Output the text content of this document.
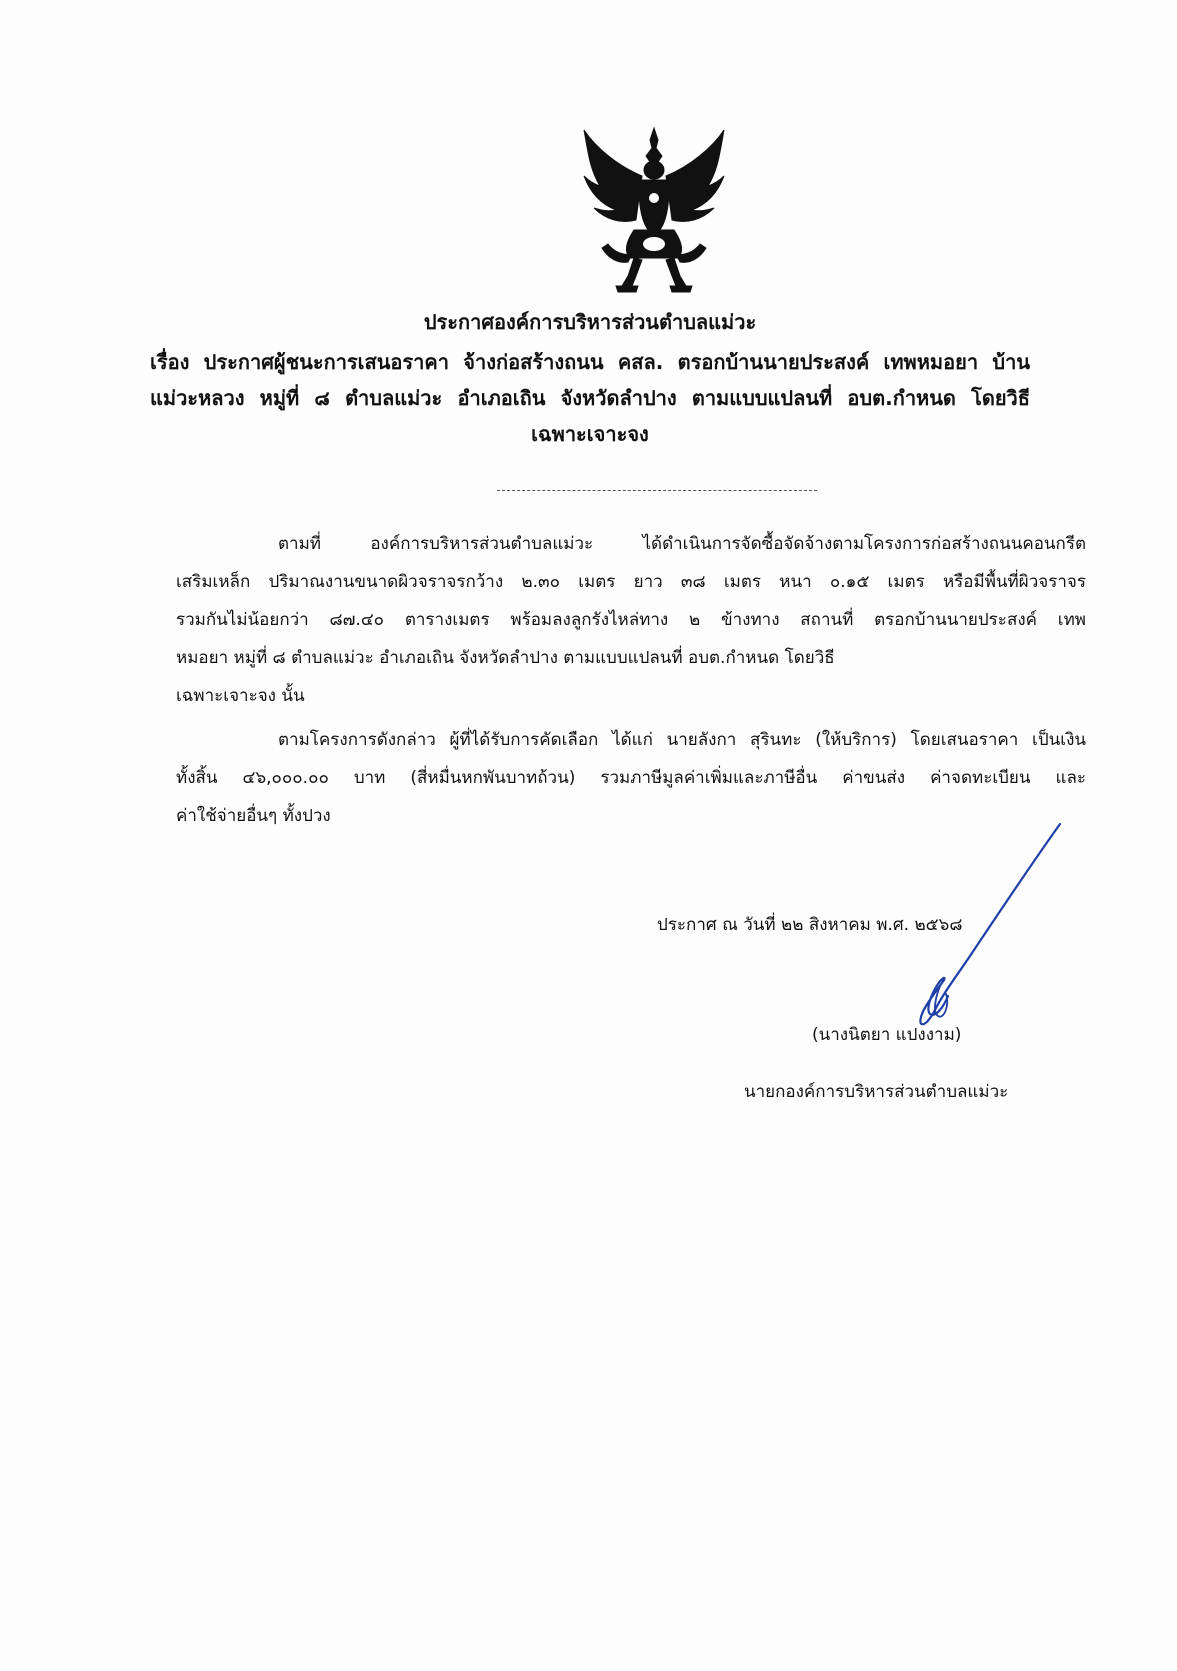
ประกาศองค์การบริหารส่วนตำบลแม่วะ
เรื่อง ประกาศผู้ชนะการเสนอราคา จ้างก่อสร้างถนน คสล. ตรอกบ้านนายประสงค์ เทพหมอยา บ้าน
แม่วะหลวง หมู่ที่ ๘ ตำบลแม่วะ อำเภอเถิน จังหวัดลำปาง ตามแบบแปลนที่ อบต.กำหนด โดยวิธี
เฉพาะเจาะจง
ตามที่ องค์การบริหารส่วนตำบลแม่วะ ได้ดำเนินการจัดซื้อจัดจ้างตามโครงการก่อสร้างถนนคอนกรีต
เสริมเหล็ก ปริมาณงานขนาดผิวจราจรกว้าง ๒.๓๐ เมตร ยาว ๓๘ เมตร หนา ๐.๑๕ เมตร หรือมีพื้นที่ผิวจราจร
รวมกันไม่น้อยกว่า ๘๗.๔๐ ตารางเมตร พร้อมลงลูกรังไหล่ทาง ๒ ข้างทาง สถานที่ ตรอกบ้านนายประสงค์ เทพ
หมอยา หมู่ที่ ๘ ตำบลแม่วะ อำเภอเถิน จังหวัดลำปาง ตามแบบแปลนที่ อบต.กำหนด โดยวิธี
เฉพาะเจาะจง นั้น
ตามโครงการดังกล่าว ผู้ที่ได้รับการคัดเลือก ได้แก่ นายลังกา สุรินทะ (ให้บริการ) โดยเสนอราคา เป็นเงิน
ทั้งสิ้น ๔๖,๐๐๐.๐๐ บาท (สี่หมื่นหกพันบาทถ้วน) รวมภาษีมูลค่าเพิ่มและภาษีอื่น ค่าขนส่ง ค่าจดทะเบียน และ
ค่าใช้จ่ายอื่นๆ ทั้งปวง
ประกาศ ณ วันที่ ๒๒ สิงหาคม พ.ศ. ๒๕๖๘
(นางนิตยา แปงงาม)
นายกองค์การบริหารส่วนตำบลแม่วะ
